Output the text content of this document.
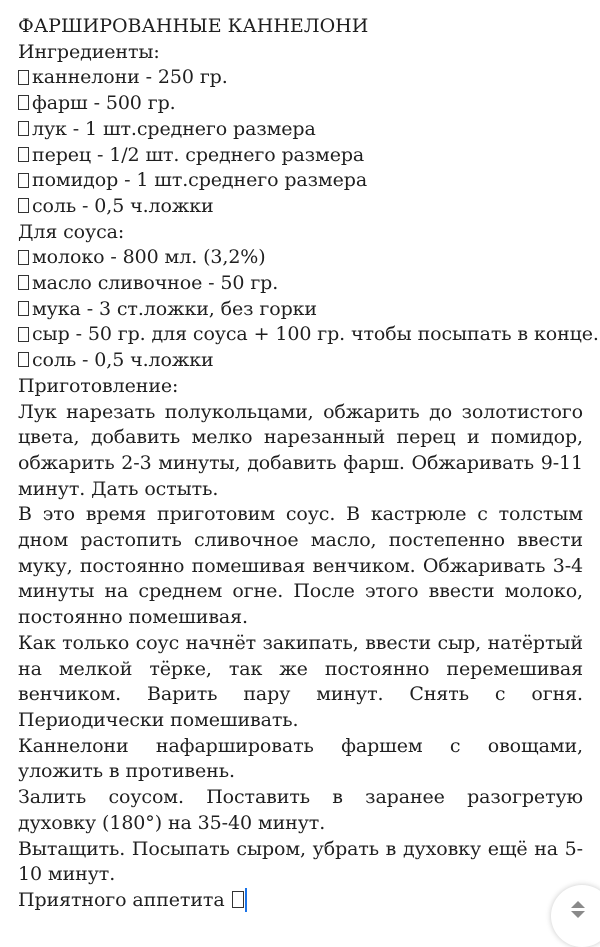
ФАРШИРОВАННЫЕ КАННЕЛОНИ
Ингредиенты:
каннелони - 250 гр.
фарш - 500 гр.
лук - 1 шт.среднего размера
перец - 1/2 шт. среднего размера
помидор - 1 шт.среднего размера
соль - 0,5 ч.ложки
Для соуса:
молоко - 800 мл. (3,2%)
масло сливочное - 50 гр.
мука - 3 ст.ложки, без горки
сыр - 50 гр. для соуса + 100 гр. чтобы посыпать в конце.
соль - 0,5 ч.ложки
Приготовление:

Лук нарезать полукольцами, обжарить до золотистого цвета, добавить мелко нарезанный перец и помидор, обжарить 2-3 минуты, добавить фарш. Обжаривать 9-11 минут. Дать остыть.

В это время приготовим соус. В кастрюле с толстым дном растопить сливочное масло, постепенно ввести муку, постоянно помешивая венчиком. Обжаривать 3-4 минуты на среднем огне. После этого ввести молоко, постоянно помешивая.

Как только соус начнёт закипать, ввести сыр, натёртый на мелкой тёрке, так же постоянно перемешивая венчиком. Варить пару минут. Снять с огня. Периодически помешивать.

Каннелони нафаршировать фаршем с овощами, уложить в противень.

Залить соусом. Поставить в заранее разогретую духовку (180°) на 35-40 минут.

Вытащить. Посыпать сыром, убрать в духовку ещё на 5-10 минут.

Приятного аппетита
